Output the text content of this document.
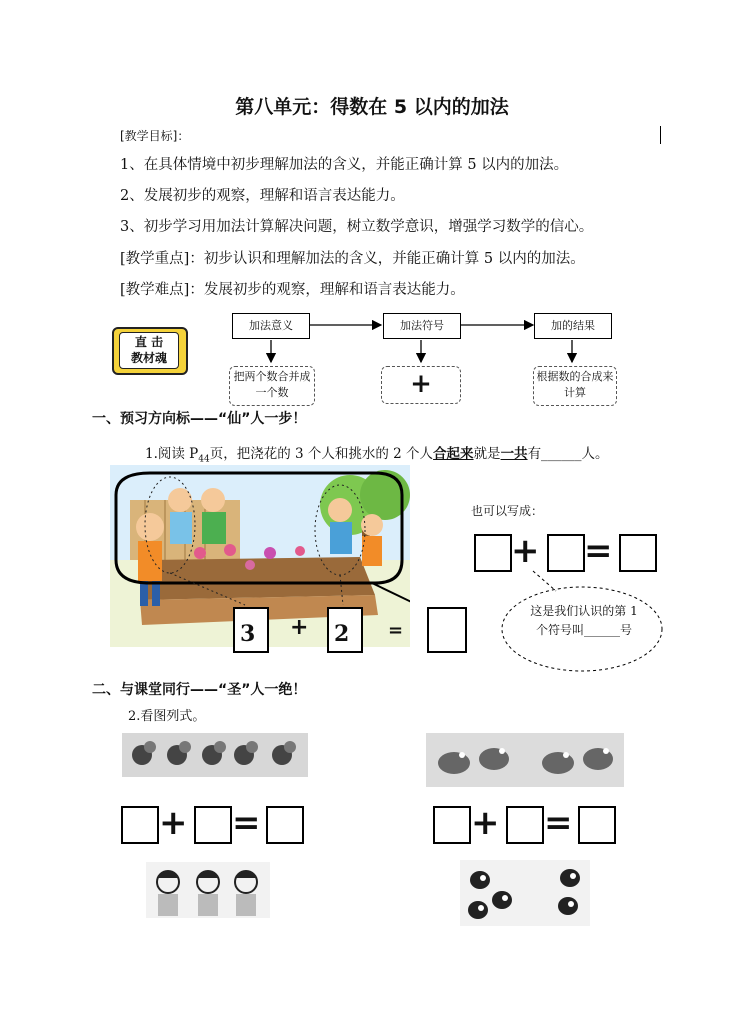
第八单元：得数在 5 以内的加法
[教学目标]：
1、在具体情境中初步理解加法的含义，并能正确计算 5 以内的加法。
2、发展初步的观察，理解和语言表达能力。
3、初步学习用加法计算解决问题，树立数学意识，增强学习数学的信心。
[教学重点]：初步认识和理解加法的含义，并能正确计算 5 以内的加法。
[教学难点]：发展初步的观察，理解和语言表达能力。
直 击
教材魂
加法意义	加法符号	加的结果
把两个数合并成一个数	+	根据数的合成来计算
一、预习方向标——“仙”人一步！
1.阅读 $P_{44}$页，把浇花的 3 个人和挑水的 2 个人合起来就是一共有______人。
3 + 2 =
也可以写成：
+ =
这是我们认识的第 1 个符号叫______号
二、与课堂同行——“圣”人一绝！
2.看图列式。
+ =	+ =
